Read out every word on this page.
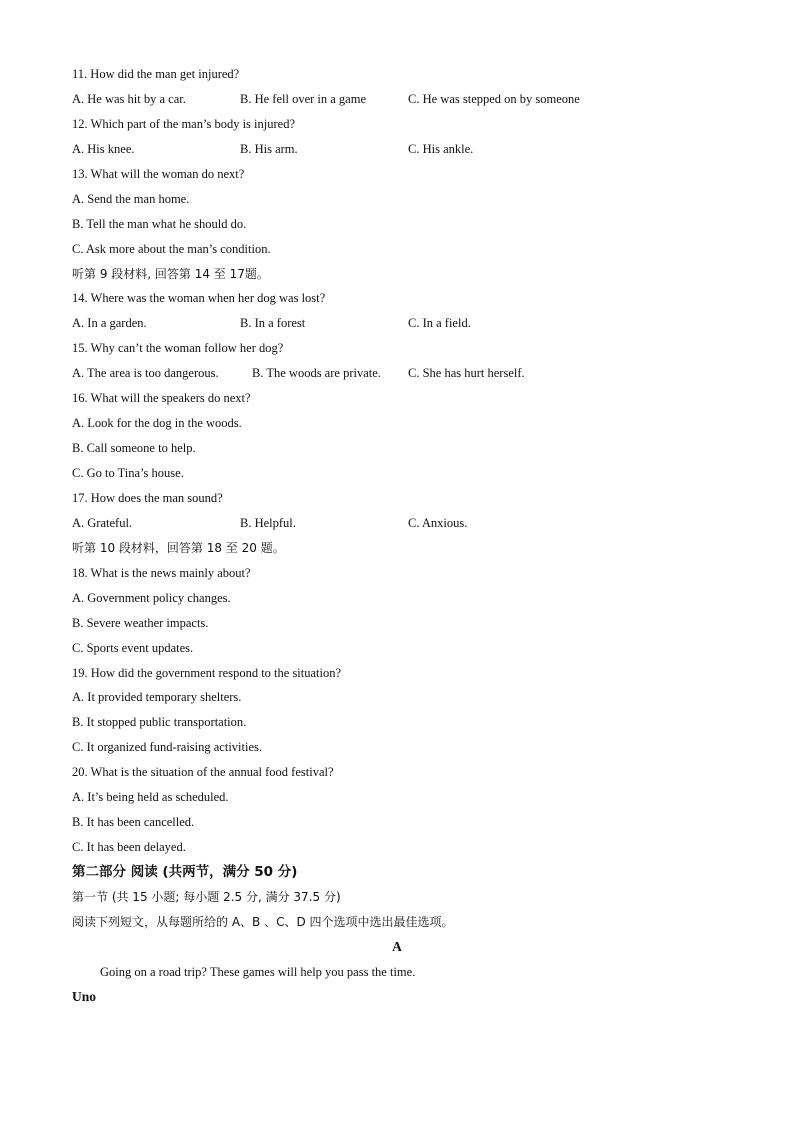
11. How did the man get injured?
A. He was hit by a car.	B. He fell over in a game	C. He was stepped on by someone
12. Which part of the man’s body is injured?
A. His knee.	B. His arm.	C. His ankle.
13. What will the woman do next?
A. Send the man home.
B. Tell the man what he should do.
C. Ask more about the man’s condition.
听第 9 段材料, 回答第 14 至 17题。
14. Where was the woman when her dog was lost?
A. In a garden.	B. In a forest	C. In a field.
15. Why can’t the woman follow her dog?
A. The area is too dangerous.	B. The woods are private. C. She has hurt herself.
16. What will the speakers do next?
A. Look for the dog in the woods.
B. Call someone to help.
C. Go to Tina’s house.
17. How does the man sound?
A. Grateful.	B. Helpful.	C. Anxious.
听第 10 段材料，回答第 18 至 20 题。
18. What is the news mainly about?
A. Government policy changes.
B. Severe weather impacts.
C. Sports event updates.
19. How did the government respond to the situation?
A. It provided temporary shelters.
B. It stopped public transportation.
C. It organized fund-raising activities.
20. What is the situation of the annual food festival?
A. It’s being held as scheduled.
B. It has been cancelled.
C. It has been delayed.
第二部分 阅读 (共两节，满分 50 分)
第一节 (共 15 小题; 每小题 2.5 分, 满分 37.5 分)
阅读下列短文，从每题所给的 A、B 、C、D 四个选项中选出最佳选项。
A
Going on a road trip? These games will help you pass the time.
Uno
